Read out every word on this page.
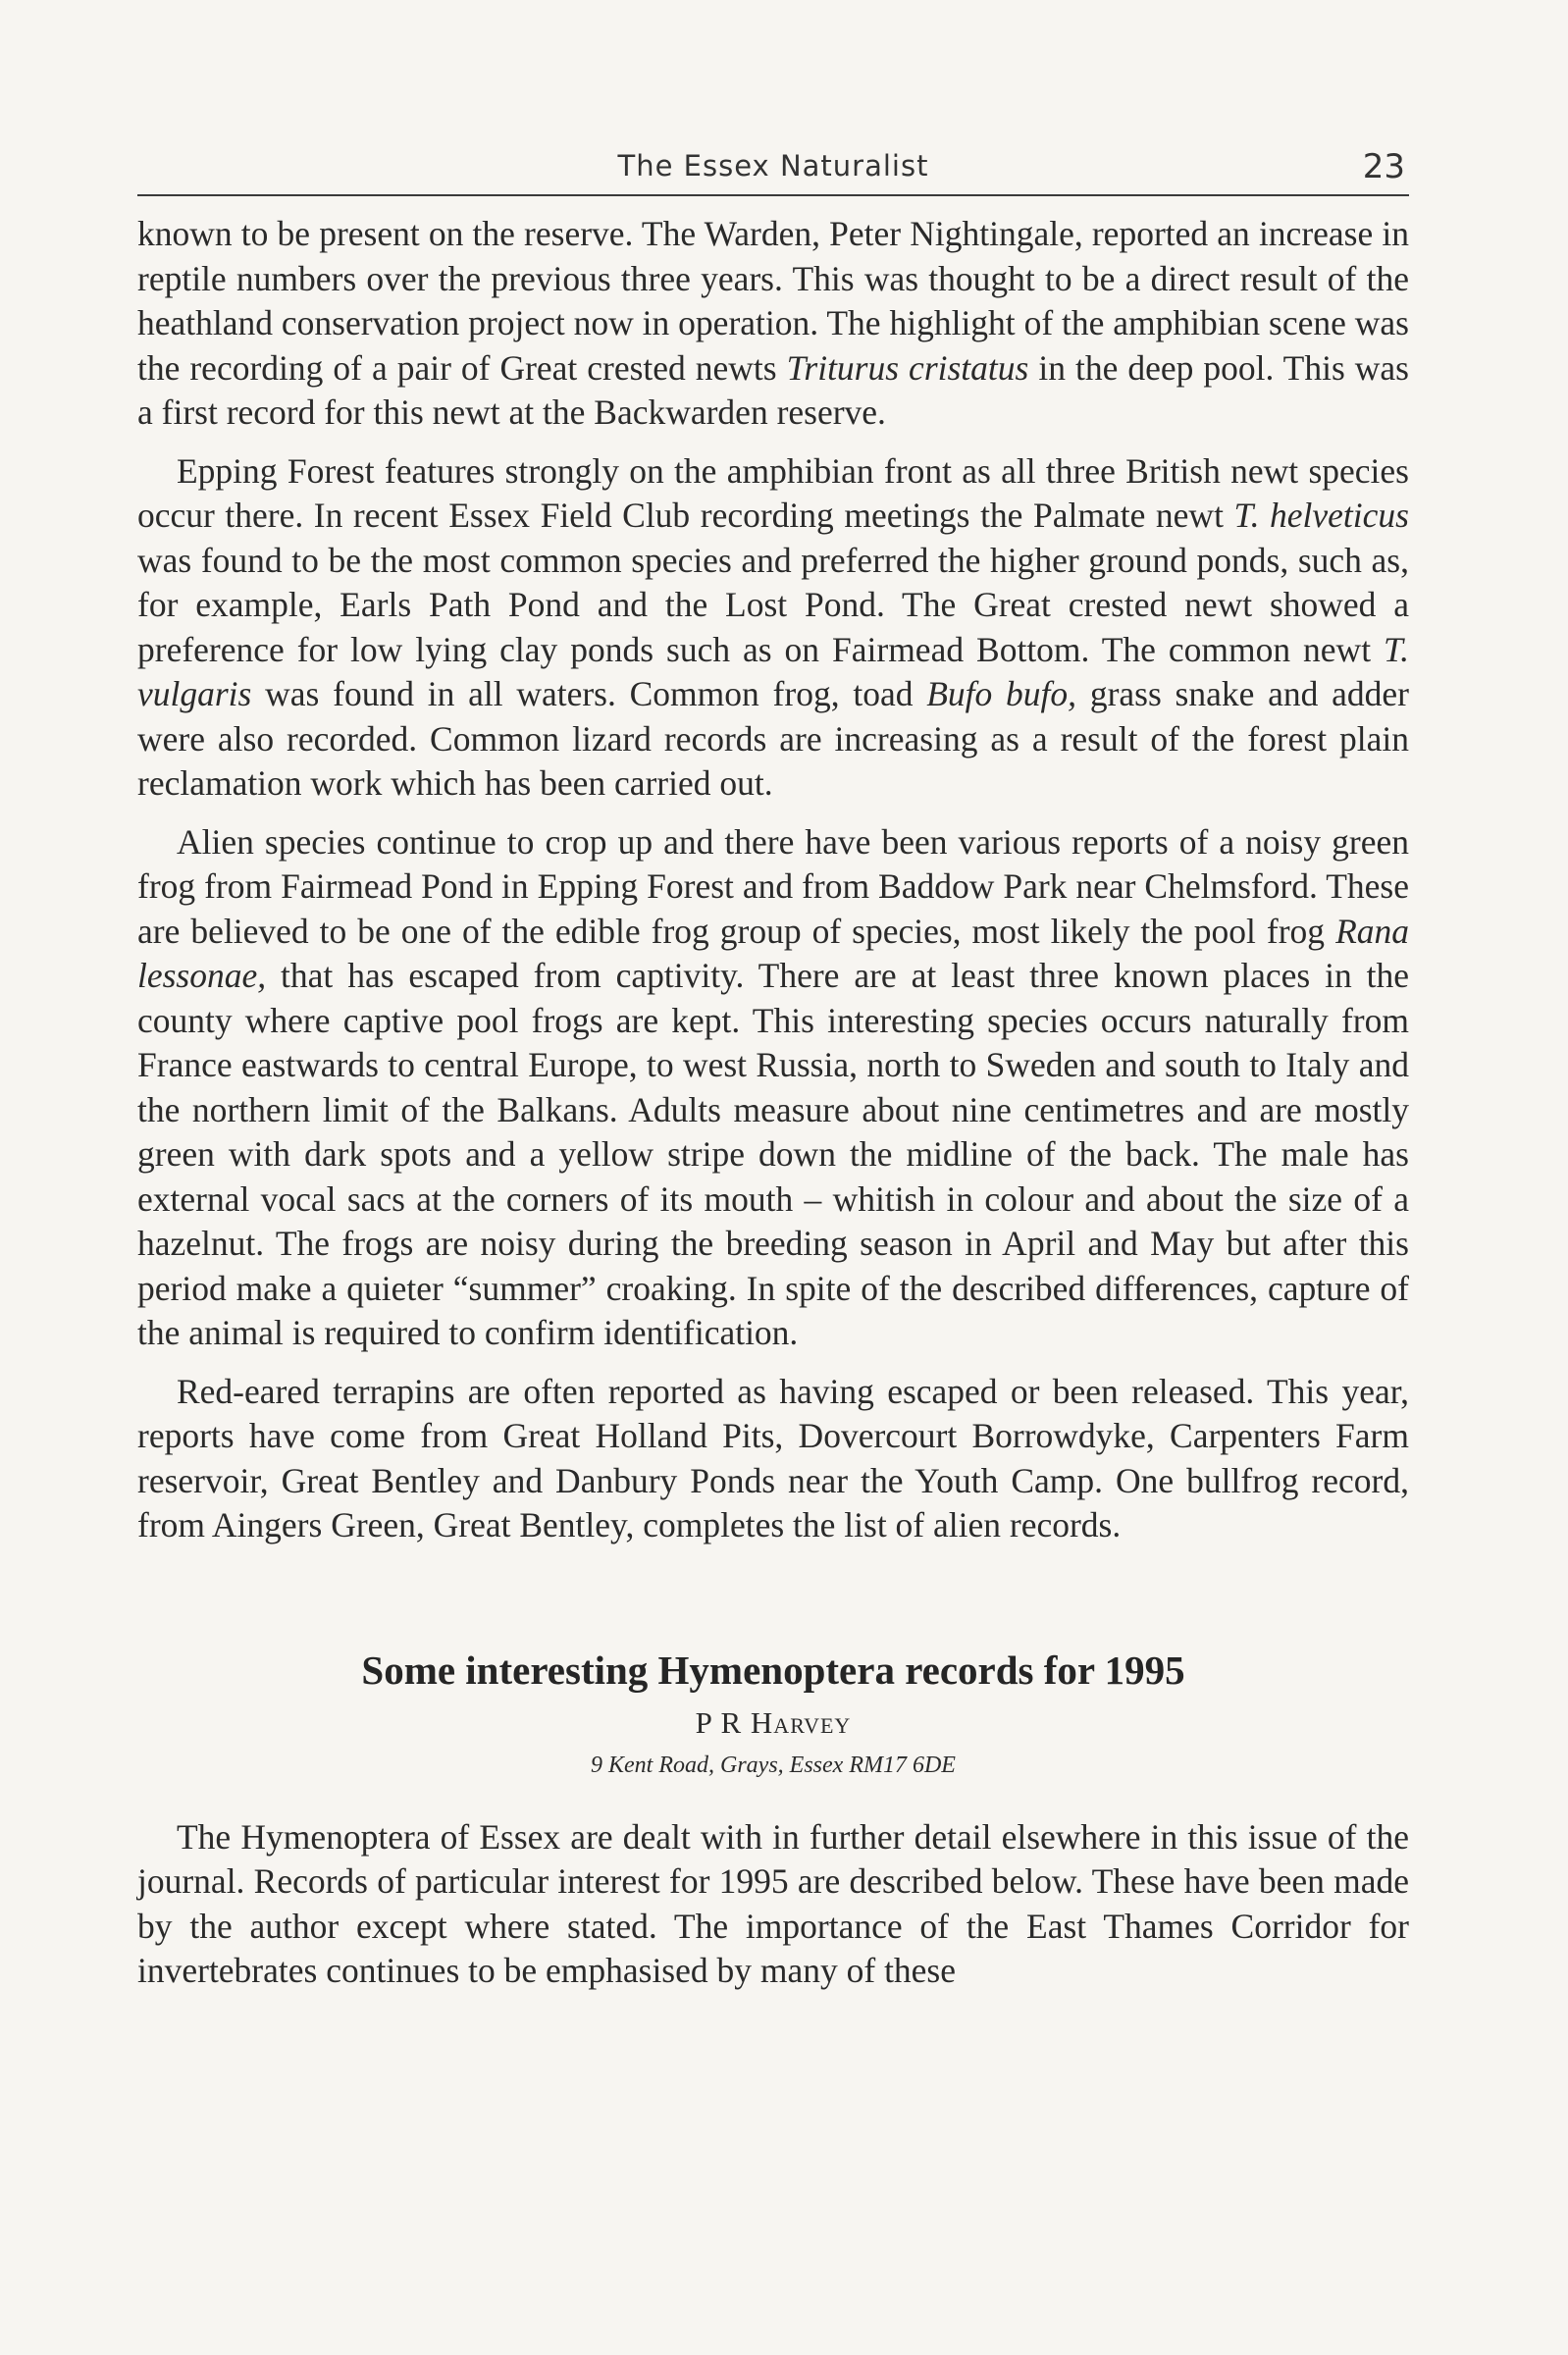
The Essex Naturalist	23

known to be present on the reserve. The Warden, Peter Nightingale, reported an increase in reptile numbers over the previous three years. This was thought to be a direct result of the heathland conservation project now in operation. The highlight of the amphibian scene was the recording of a pair of Great crested newts Triturus cristatus in the deep pool. This was a first record for this newt at the Backwarden reserve.

Epping Forest features strongly on the amphibian front as all three British newt species occur there. In recent Essex Field Club recording meetings the Palmate newt T. helveticus was found to be the most common species and preferred the higher ground ponds, such as, for example, Earls Path Pond and the Lost Pond. The Great crested newt showed a preference for low lying clay ponds such as on Fairmead Bottom. The common newt T. vulgaris was found in all waters. Common frog, toad Bufo bufo, grass snake and adder were also recorded. Common lizard records are increasing as a result of the forest plain reclamation work which has been carried out.

Alien species continue to crop up and there have been various reports of a noisy green frog from Fairmead Pond in Epping Forest and from Baddow Park near Chelmsford. These are believed to be one of the edible frog group of species, most likely the pool frog Rana lessonae, that has escaped from captivity. There are at least three known places in the county where captive pool frogs are kept. This interesting species occurs naturally from France eastwards to central Europe, to west Russia, north to Sweden and south to Italy and the northern limit of the Balkans. Adults measure about nine centimetres and are mostly green with dark spots and a yellow stripe down the midline of the back. The male has external vocal sacs at the corners of its mouth – whitish in colour and about the size of a hazelnut. The frogs are noisy during the breeding season in April and May but after this period make a quieter “summer” croaking. In spite of the described differences, capture of the animal is required to confirm identification.

Red-eared terrapins are often reported as having escaped or been released. This year, reports have come from Great Holland Pits, Dovercourt Borrowdyke, Carpenters Farm reservoir, Great Bentley and Danbury Ponds near the Youth Camp. One bullfrog record, from Aingers Green, Great Bentley, completes the list of alien records.

Some interesting Hymenoptera records for 1995
P R Harvey
9 Kent Road, Grays, Essex RM17 6DE

The Hymenoptera of Essex are dealt with in further detail elsewhere in this issue of the journal. Records of particular interest for 1995 are described below. These have been made by the author except where stated. The importance of the East Thames Corridor for invertebrates continues to be emphasised by many of these
